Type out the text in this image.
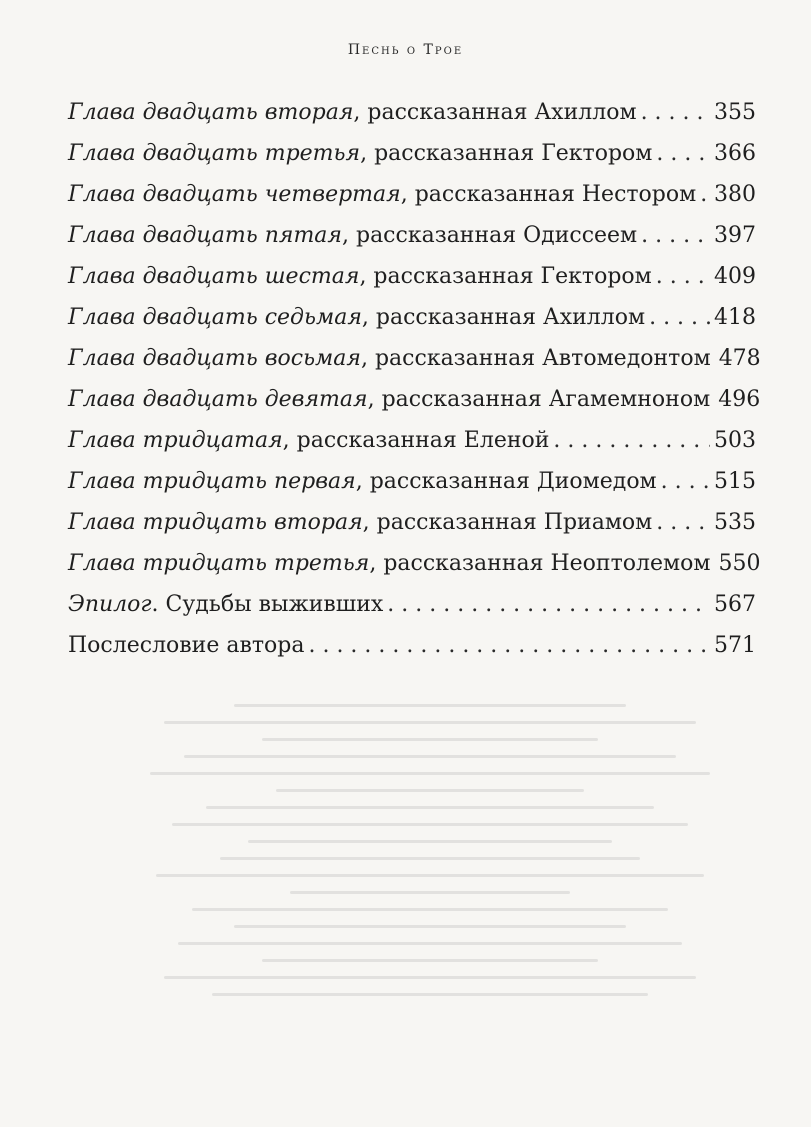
Песнь о Трое
Глава двадцать вторая, рассказанная Ахиллом . . .	355
Глава двадцать третья, рассказанная Гектором . . .	366
Глава двадцать четвертая, рассказанная Нестором . . . 380
Глава двадцать пятая, рассказанная Одиссеем . . .	397
Глава двадцать шестая, рассказанная Гектором . . .	409
Глава двадцать седьмая, рассказанная Ахиллом . . .	418
Глава двадцать восьмая, рассказанная Автомедонтом 478
Глава двадцать девятая, рассказанная Агамемноном 496
Глава тридцатая, рассказанная Еленой . . .	503
Глава тридцать первая, рассказанная Диомедом . . .	515
Глава тридцать вторая, рассказанная Приамом . . .	535
Глава тридцать третья, рассказанная Неоптолемом 550
Эпилог. Судьбы выживших . . .	567
Послесловие автора . . .	571
